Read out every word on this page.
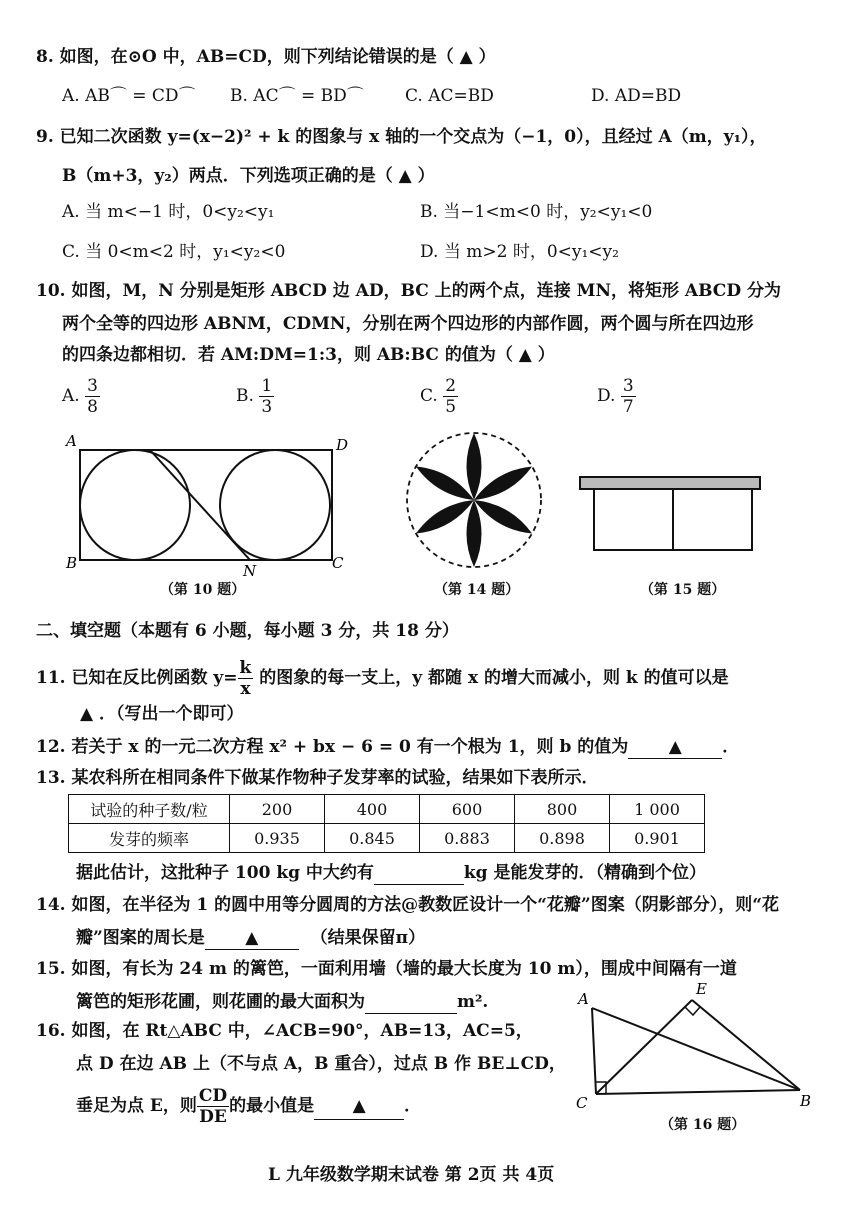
8. 如图，在⊙O 中，AB=CD，则下列结论错误的是（ ▲ ）
A. AB⌒ = CD⌒ B. AC⌒ = BD⌒ C. AC=BD	D. AD=BD
9. 已知二次函数 y=(x−2)² + k 的图象与 x 轴的一个交点为（−1，0），且经过 A（m，y₁），
B（m+3，y₂）两点．下列选项正确的是（ ▲ ）
A. 当 m<−1 时，0<y₂<y₁	B. 当−1<m<0 时，y₂<y₁<0
C. 当 0<m<2 时，y₁<y₂<0	D. 当 m>2 时，0<y₁<y₂
10. 如图，M，N 分别是矩形 ABCD 边 AD，BC 上的两个点，连接 MN，将矩形 ABCD 分为
两个全等的四边形 ABNM，CDMN，分别在两个四边形的内部作圆，两个圆与所在四边形
的四条边都相切．若 AM:DM=1:3，则 AB:BC 的值为（ ▲ ）
A. $\frac{3}{8}$	B. $\frac{1}{3}$	C. $\frac{2}{5}$	D. $\frac{3}{7}$
A	D
B	C
N
（第 10 题）	（第 14 题）	（第 15 题）
二、填空题（本题有 6 小题，每小题 3 分，共 18 分）
11. 已知在反比例函数 $y= \frac{k}{x}$ 的图象的每一支上，y 都随 x 的增大而减小，则 k 的值可以是
▲ ．（写出一个即可）
12. 若关于 x 的一元二次方程 x² + bx − 6 = 0 有一个根为 1，则 b 的值为 ▲ ．
13. 某农科所在相同条件下做某作物种子发芽率的试验，结果如下表所示．
试验的种子数/粒	200	400	600	800	1 000
发芽的频率	0.935	0.845	0.883	0.898	0.901
据此估计，这批种子 100 kg 中大约有	kg 是能发芽的．（精确到个位）
14. 如图，在半径为 1 的圆中用等分圆周的方法@教数匠设计一个“花瓣”图案（阴影部分），则“花
瓣”图案的周长是 ▲	（结果保留π）
15. 如图，有长为 24 m 的篱笆，一面利用墙（墙的最大长度为 10 m），围成中间隔有一道
篱笆的矩形花圃，则花圃的最大面积为	m².
16. 如图，在 Rt△ABC 中，∠ACB=90°，AB=13，AC=5，
点 D 在边 AB 上（不与点 A，B 重合），过点 B 作 BE⊥CD，
垂足为点 E，则 $\frac{CD}{DE}$ 的最小值是 ▲ ．
A
E
C	B
（第 16 题）
L 九年级数学期末试卷 第 2页 共 4页
